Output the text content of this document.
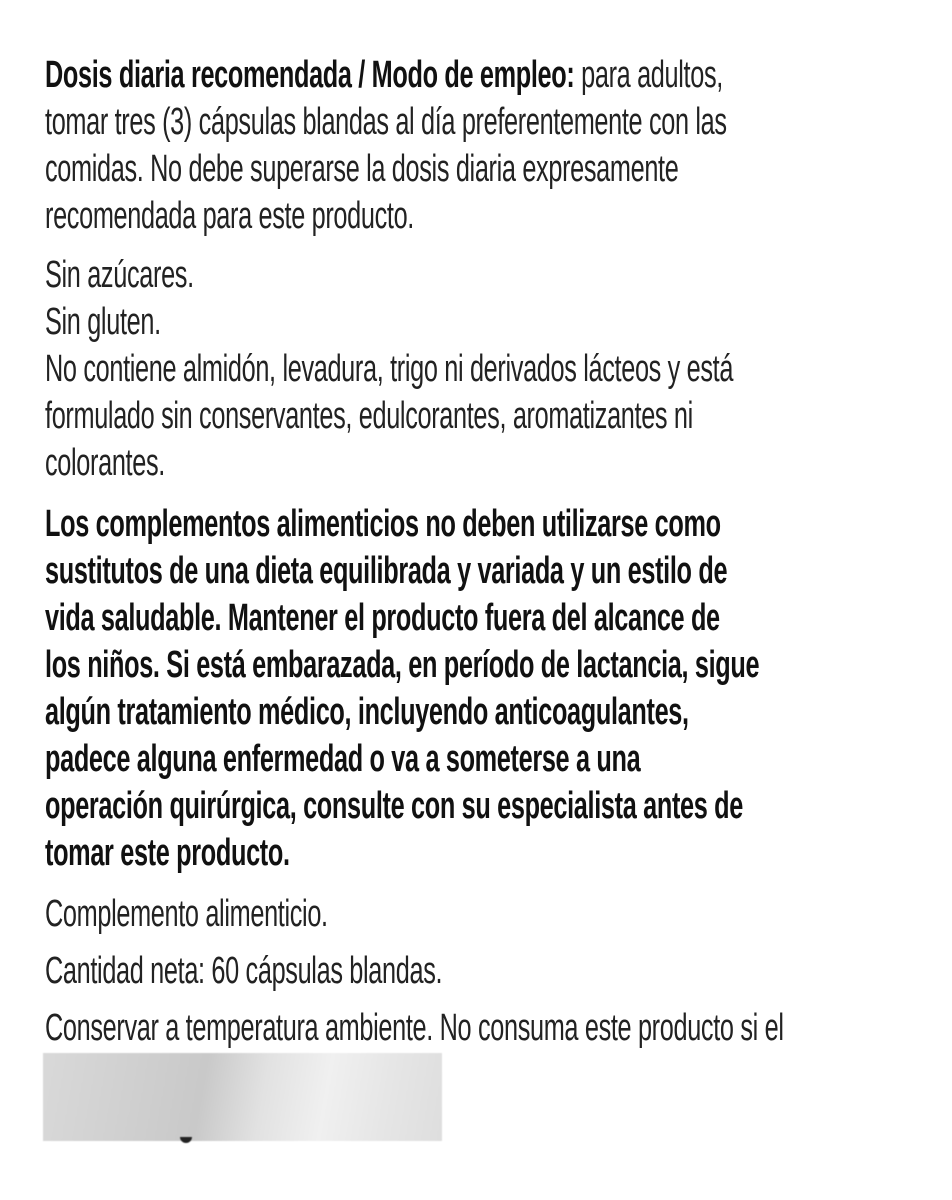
Dosis diaria recomendada / Modo de empleo: para adultos,

tomar tres (3) cápsulas blandas al día preferentemente con las

comidas. No debe superarse la dosis diaria expresamente

recomendada para este producto.

Sin azúcares.

Sin gluten.

No contiene almidón, levadura, trigo ni derivados lácteos y está

formulado sin conservantes, edulcorantes, aromatizantes ni

colorantes.

Los complementos alimenticios no deben utilizarse como

sustitutos de una dieta equilibrada y variada y un estilo de

vida saludable. Mantener el producto fuera del alcance de

los niños. Si está embarazada, en período de lactancia, sigue

algún tratamiento médico, incluyendo anticoagulantes,

padece alguna enfermedad o va a someterse a una

operación quirúrgica, consulte con su especialista antes de

tomar este producto.

Complemento alimenticio.

Cantidad neta: 60 cápsulas blandas.

Conservar a temperatura ambiente. No consuma este producto si el
